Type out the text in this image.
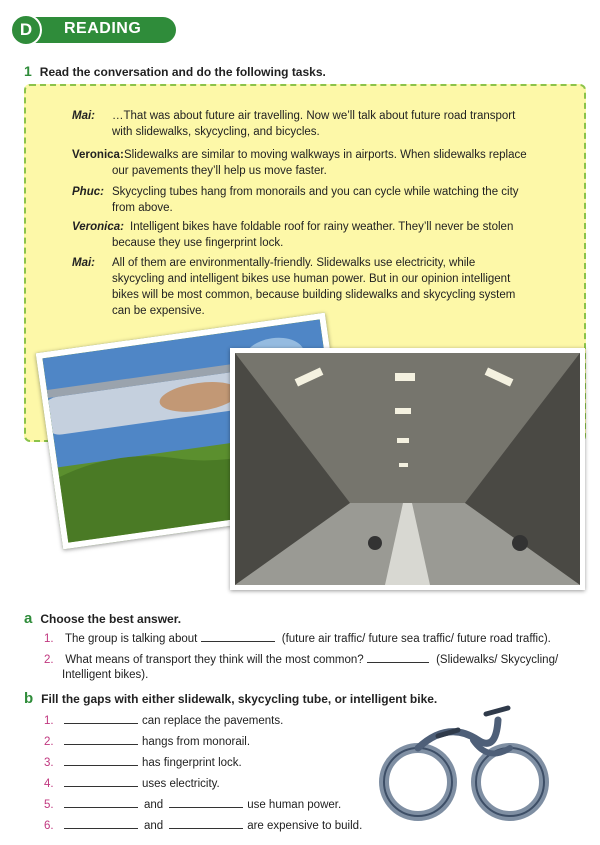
D	READING
1 Read the conversation and do the following tasks.
Mai: …That was about future air travelling. Now we’ll talk about future road transport
with slidewalks, skycycling, and bicycles.
Veronica: Slidewalks are similar to moving walkways in airports. When slidewalks replace
our pavements they’ll help us move faster.
Phuc: Skycycling tubes hang from monorails and you can cycle while watching the city
from above.
Veronica: Intelligent bikes have foldable roof for rainy weather. They’ll never be stolen
because they use fingerprint lock.
Mai: All of them are environmentally-friendly. Slidewalks use electricity, while
skycycling and intelligent bikes use human power. But in our opinion intelligent
bikes will be most common, because building slidewalks and skycycling system
can be expensive.
a Choose the best answer.
1. The group is talking about	(future air traffic/ future sea traffic/ future road traffic).
2. What means of transport they think will the most common?	(Slidewalks/ Skycycling/
Intelligent bikes).
b Fill the gaps with either slidewalk, skycycling tube, or intelligent bike.
1.	can replace the pavements.
2.	hangs from monorail.
3.	has fingerprint lock.
4.	uses electricity.
5.	and	use human power.
6.	and	are expensive to build.
